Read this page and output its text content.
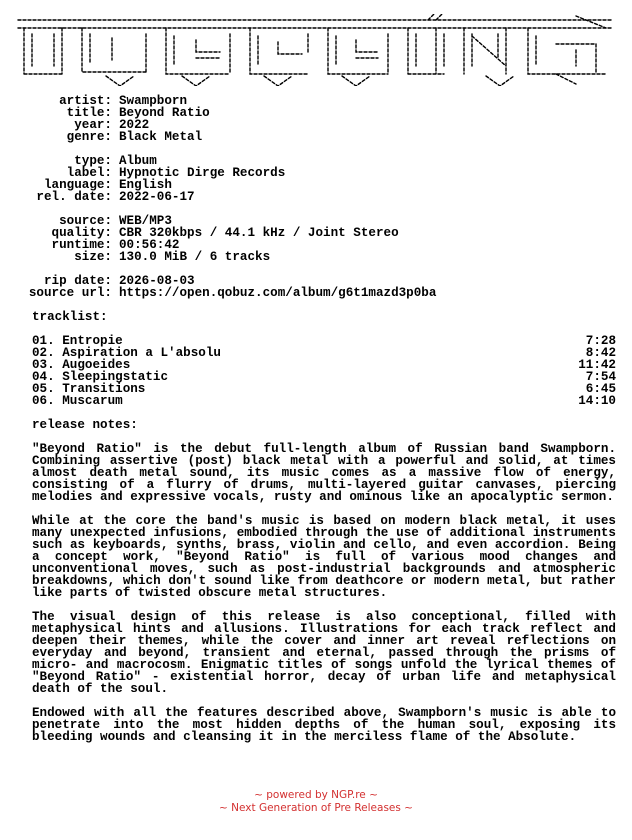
artist: Swampborn
title: Beyond Ratio
year: 2022
genre: Black Metal
type: Album
label: Hypnotic Dirge Records
language: English
rel. date: 2022-06-17
source: WEB/MP3
quality: CBR 320kbps / 44.1 kHz / Joint Stereo
runtime: 00:56:42
size: 130.0 MiB / 6 tracks
rip date: 2026-08-03
source url: https://open.qobuz.com/album/g6t1mazd3p0ba
tracklist:
01. Entropie	7:28
02. Aspiration a L'absolu	8:42
03. Augoeides	11:42
04. Sleepingstatic	7:54
05. Transitions	6:45
06. Muscarum	14:10
release notes:

"Beyond Ratio" is the debut full-length album of Russian band Swampborn. Combining assertive (post) black metal with a powerful and solid, at times almost death metal sound, its music comes as a massive flow of energy, consisting of a flurry of drums, multi-layered guitar canvases, piercing melodies and expressive vocals, rusty and ominous like an apocalyptic sermon.

While at the core the band's music is based on modern black metal, it uses many unexpected infusions, embodied through the use of additional instruments such as keyboards, synths, brass, violin and cello, and even accordion. Being a concept work, "Beyond Ratio" is full of various mood changes and unconventional moves, such as post-industrial backgrounds and atmospheric breakdowns, which don't sound like from deathcore or modern metal, but rather like parts of twisted obscure metal structures.

The visual design of this release is also conceptional, filled with metaphysical hints and allusions. Illustrations for each track reflect and deepen their themes, while the cover and inner art reveal reflections on everyday and beyond, transient and eternal, passed through the prisms of micro- and macrocosm. Enigmatic titles of songs unfold the lyrical themes of "Beyond Ratio" - existential horror, decay of urban life and metaphysical death of the soul.

Endowed with all the features described above, Swampborn's music is able to penetrate into the most hidden depths of the human soul, exposing its bleeding wounds and cleansing it in the merciless flame of the Absolute.

~ powered by NGP.re ~
~ Next Generation of Pre Releases ~
